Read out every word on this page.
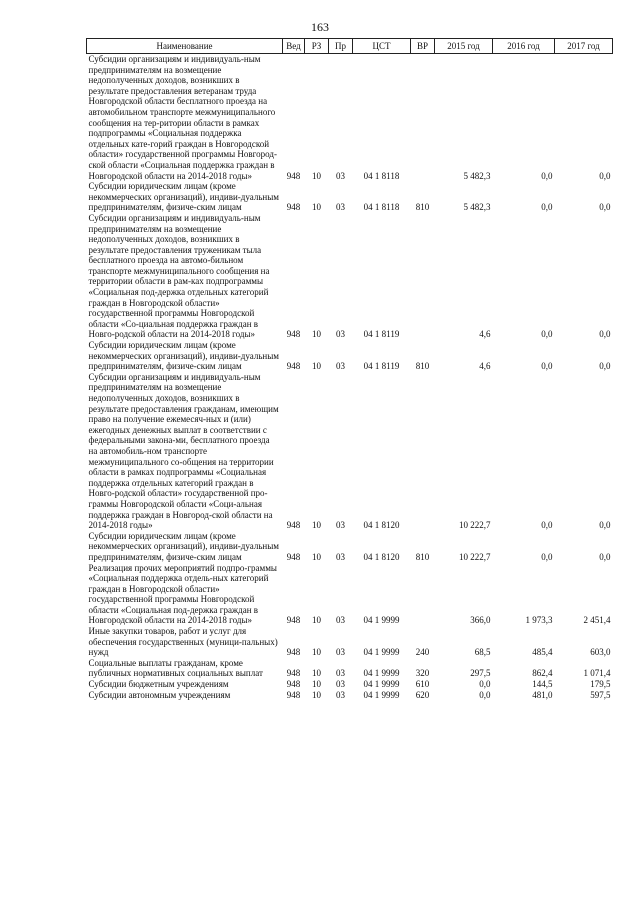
163
Наименование	Вед	РЗ	Пр	ЦСТ	ВР	2015 год	2016 год	2017 год
Субсидии организациям и индивидуаль-ным предпринимателям на возмещение недополученных доходов, возникших в результате предоставления ветеранам труда Новгородской области бесплатного проезда на автомобильном транспорте межмуниципального сообщения на тер-ритории области в рамках подпрограммы «Социальная поддержка отдельных кате-горий граждан в Новгородской области» государственной программы Новгород-ской области «Социальная поддержка граждан в Новгородской области на 2014-2018 годы»	948	10	03	04 1 8118		5 482,3	0,0	0,0
Субсидии юридическим лицам (кроме некоммерческих организаций), индиви-дуальным предпринимателям, физиче-ским лицам	948	10	03	04 1 8118	810	5 482,3	0,0	0,0
Субсидии организациям и индивидуаль-ным предпринимателям на возмещение недополученных доходов, возникших в результате предоставления труженикам тыла бесплатного проезда на автомо-бильном транспорте межмуниципального сообщения на территории области в рам-ках подпрограммы «Социальная под-держка отдельных категорий граждан в Новгородской области» государственной программы Новгородской области «Со-циальная поддержка граждан в Новго-родской области на 2014-2018 годы»	948	10	03	04 1 8119		4,6	0,0	0,0
Субсидии юридическим лицам (кроме некоммерческих организаций), индиви-дуальным предпринимателям, физиче-ским лицам	948	10	03	04 1 8119	810	4,6	0,0	0,0
Субсидии организациям и индивидуаль-ным предпринимателям на возмещение недополученных доходов, возникших в результате предоставления гражданам, имеющим право на получение ежемесяч-ных и (или) ежегодных денежных выплат в соответствии с федеральными закона-ми, бесплатного проезда на автомобиль-ном транспорте межмуниципального со-общения на территории области в рамках подпрограммы «Социальная поддержка отдельных категорий граждан в Новго-родской области» государственной про-граммы Новгородской области «Соци-альная поддержка граждан в Новгород-ской области на 2014-2018 годы»	948	10	03	04 1 8120		10 222,7	0,0	0,0
Субсидии юридическим лицам (кроме некоммерческих организаций), индиви-дуальным предпринимателям, физиче-ским лицам	948	10	03	04 1 8120	810	10 222,7	0,0	0,0
Реализация прочих мероприятий подпро-граммы «Социальная поддержка отдель-ных категорий граждан в Новгородской области» государственной программы Новгородской области «Социальная под-держка граждан в Новгородской области на 2014-2018 годы»	948	10	03	04 1 9999		366,0	1 973,3	2 451,4
Иные закупки товаров, работ и услуг для обеспечения государственных (муници-пальных) нужд	948	10	03	04 1 9999	240	68,5	485,4	603,0
Социальные выплаты гражданам, кроме публичных нормативных социальных выплат	948	10	03	04 1 9999	320	297,5	862,4	1 071,4
Субсидии бюджетным учреждениям	948	10	03	04 1 9999	610	0,0	144,5	179,5
Субсидии автономным учреждениям	948	10	03	04 1 9999	620	0,0	481,0	597,5
